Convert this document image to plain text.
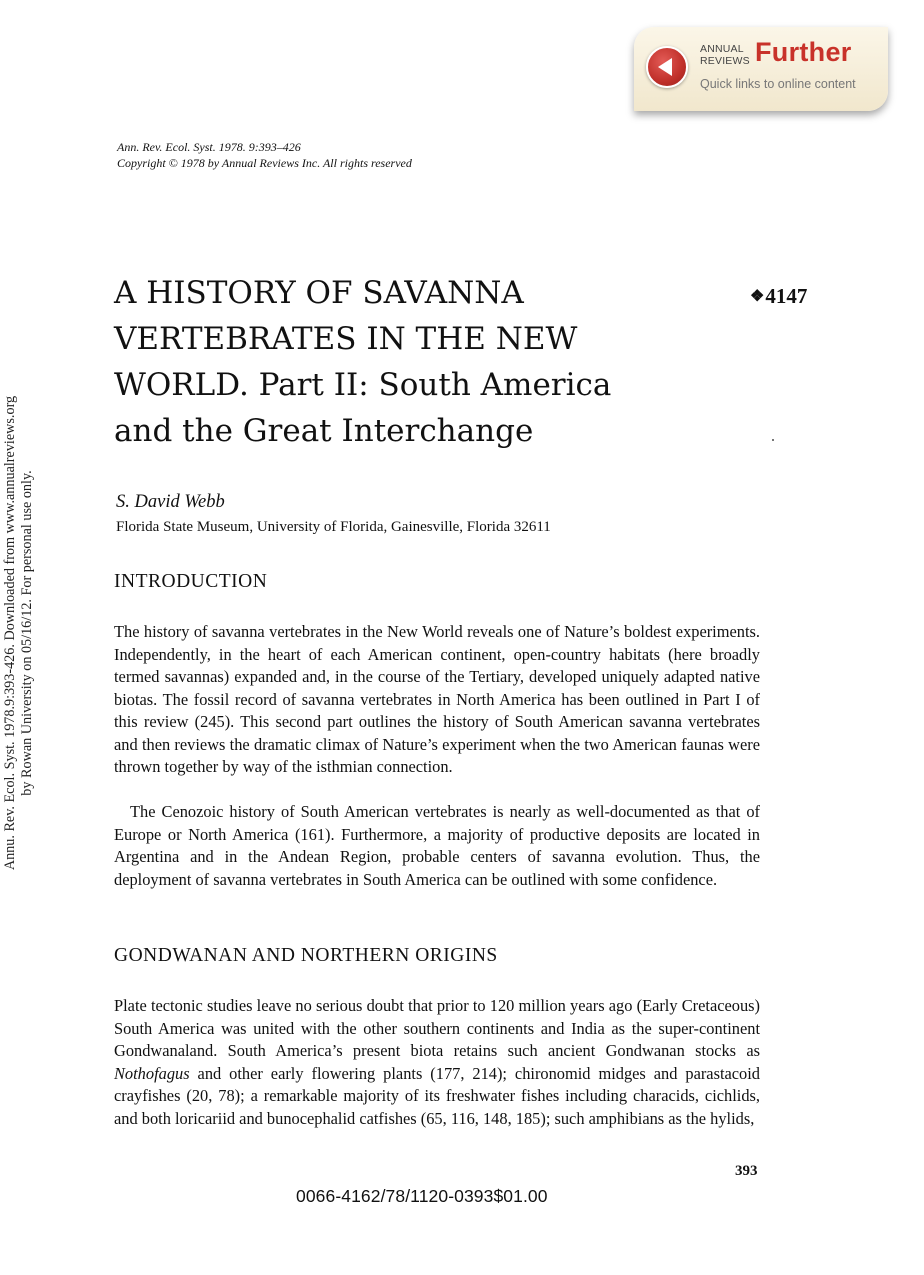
ANNUAL
REVIEWS Further
Quick links to online content
Annu. Rev. Ecol. Syst. 1978.9:393-426. Downloaded from www.annualreviews.org by Rowan University on 05/16/12. For personal use only.
Ann. Rev. Ecol. Syst. 1978. 9:393–426
Copyright © 1978 by Annual Reviews Inc. All rights reserved
A HISTORY OF SAVANNA
VERTEBRATES IN THE NEW
WORLD. Part II: South America
and the Great Interchange
❖4147
S. David Webb
Florida State Museum, University of Florida, Gainesville, Florida 32611
INTRODUCTION

The history of savanna vertebrates in the New World reveals one of Nature’s boldest experiments. Independently, in the heart of each American continent, open-country habitats (here broadly termed savannas) expanded and, in the course of the Tertiary, developed uniquely adapted native biotas. The fossil record of savanna vertebrates in North America has been outlined in Part I of this review (245). This second part outlines the history of South American savanna vertebrates and then reviews the dramatic climax of Nature’s experiment when the two American faunas were thrown together by way of the isthmian connection.

The Cenozoic history of South American vertebrates is nearly as well-documented as that of Europe or North America (161). Furthermore, a majority of productive deposits are located in Argentina and in the Andean Region, probable centers of savanna evolution. Thus, the deployment of savanna vertebrates in South America can be outlined with some confidence.

GONDWANAN AND NORTHERN ORIGINS

Plate tectonic studies leave no serious doubt that prior to 120 million years ago (Early Cretaceous) South America was united with the other southern continents and India as the super-continent Gondwanaland. South America’s present biota retains such ancient Gondwanan stocks as Nothofagus and other early flowering plants (177, 214); chironomid midges and parastacoid crayfishes (20, 78); a remarkable majority of its freshwater fishes including characids, cichlids, and both loricariid and bunocephalid catfishes (65, 116, 148, 185); such amphibians as the hylids,

393
0066-4162/78/1120-0393$01.00
